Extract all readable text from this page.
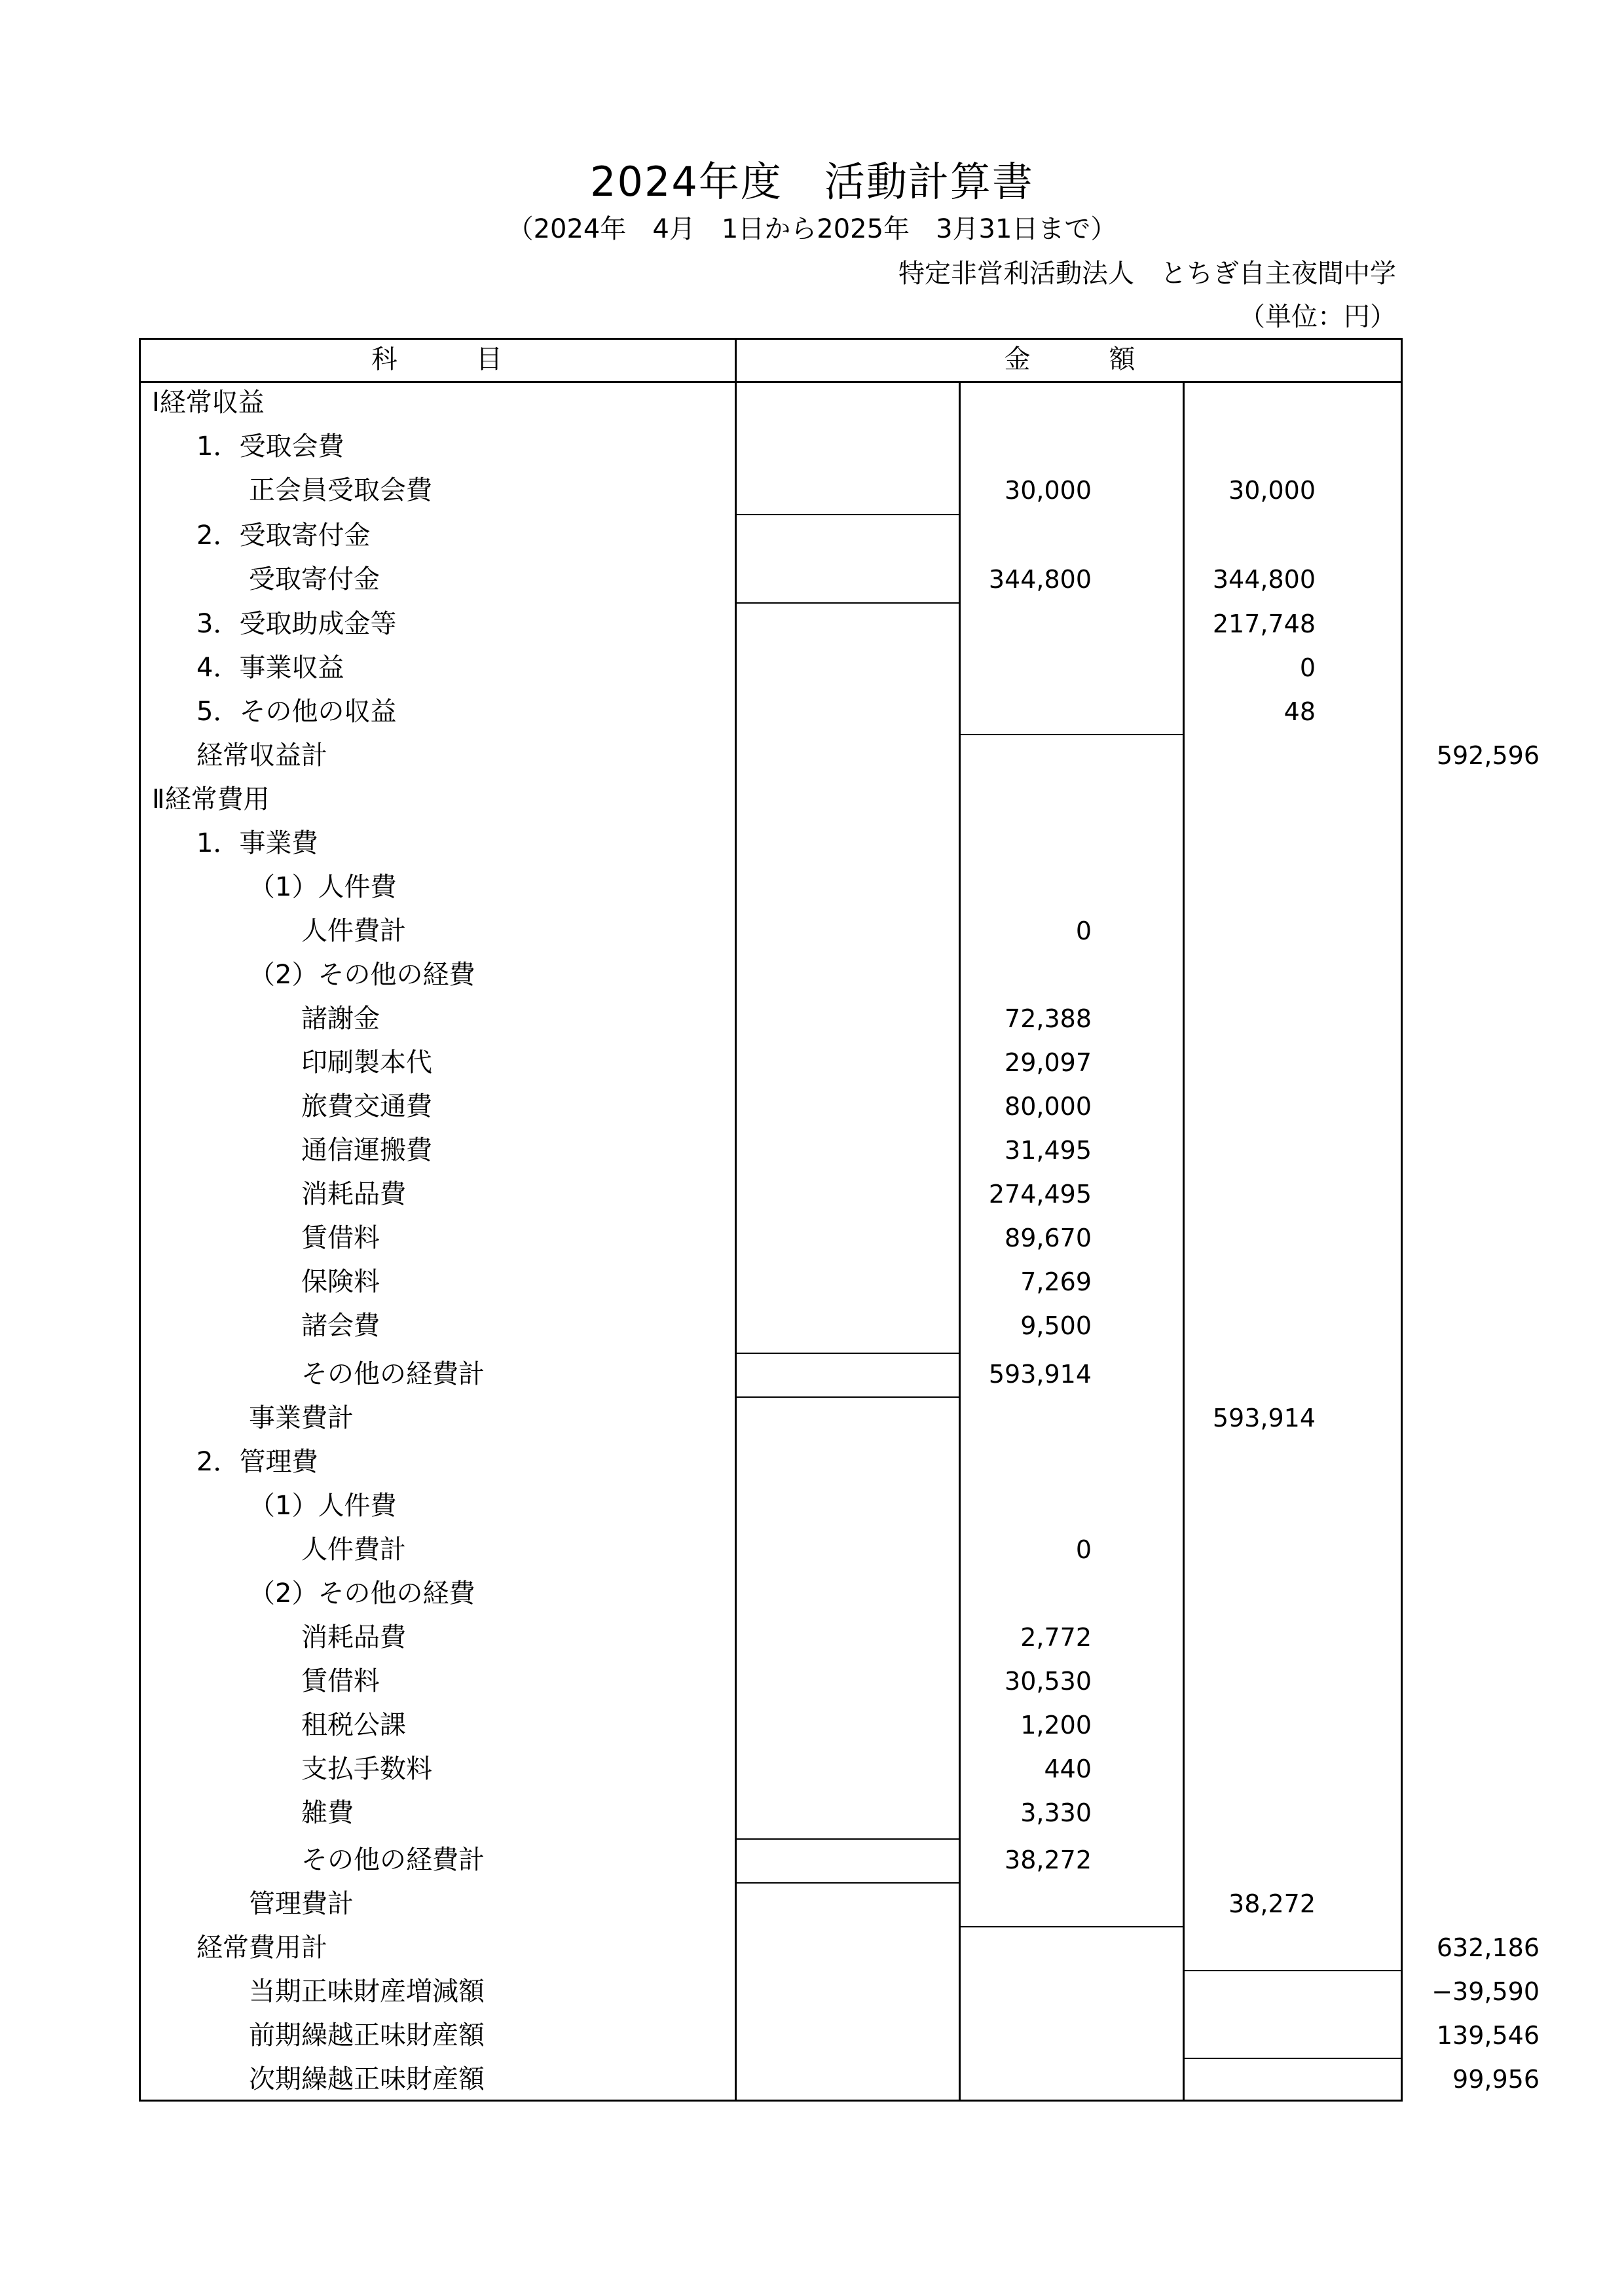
2024年度　活動計算書
（2024年　4月　1日から2025年　3月31日まで）
特定非営利活動法人　とちぎ自主夜間中学
（単位：円）
科　　　目	金　　　額
Ⅰ経常収益
1．受取会費
正会員受取会費	30,000	30,000
2．受取寄付金
受取寄付金	344,800	344,800
3．受取助成金等	217,748
4．事業収益	0
5．その他の収益	48
経常収益計	592,596
Ⅱ経常費用
1．事業費
（1）人件費
人件費計	0
（2）その他の経費
諸謝金	72,388
印刷製本代	29,097
旅費交通費	80,000
通信運搬費	31,495
消耗品費	274,495
賃借料	89,670
保険料	7,269
諸会費	9,500
その他の経費計	593,914
事業費計	593,914
2．管理費
（1）人件費
人件費計	0
（2）その他の経費
消耗品費	2,772
賃借料	30,530
租税公課	1,200
支払手数料	440
雑費	3,330
その他の経費計	38,272
管理費計	38,272
経常費用計	632,186
当期正味財産増減額	−39,590
前期繰越正味財産額	139,546
次期繰越正味財産額	99,956
